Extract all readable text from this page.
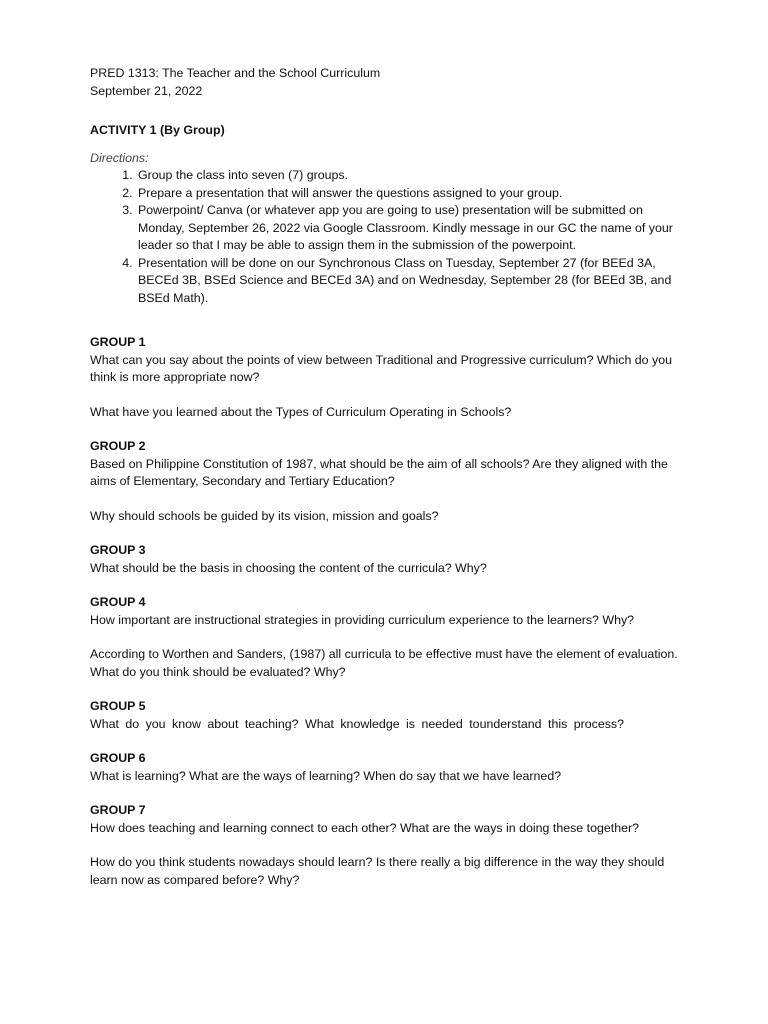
PRED 1313: The Teacher and the School Curriculum

September 21, 2022

ACTIVITY 1 (By Group)

Directions:

1. Group the class into seven (7) groups.
2. Prepare a presentation that will answer the questions assigned to your group.
3. Powerpoint/ Canva (or whatever app you are going to use) presentation will be submitted on Monday, September 26, 2022 via Google Classroom. Kindly message in our GC the name of your leader so that I may be able to assign them in the submission of the powerpoint.
4. Presentation will be done on our Synchronous Class on Tuesday, September 27 (for BEEd 3A, BECEd 3B, BSEd Science and BECEd 3A) and on Wednesday, September 28 (for BEEd 3B, and BSEd Math).

GROUP 1

What can you say about the points of view between Traditional and Progressive curriculum? Which do you think is more appropriate now?

What have you learned about the Types of Curriculum Operating in Schools?

GROUP 2

Based on Philippine Constitution of 1987, what should be the aim of all schools? Are they aligned with the aims of Elementary, Secondary and Tertiary Education?

Why should schools be guided by its vision, mission and goals?

GROUP 3

What should be the basis in choosing the content of the curricula? Why?

GROUP 4

How important are instructional strategies in providing curriculum experience to the learners? Why?

According to Worthen and Sanders, (1987) all curricula to be effective must have the element of evaluation. What do you think should be evaluated? Why?

GROUP 5

What do you know about teaching? What knowledge is needed tounderstand this process?

GROUP 6

What is learning? What are the ways of learning? When do say that we have learned?

GROUP 7

How does teaching and learning connect to each other? What are the ways in doing these together?

How do you think students nowadays should learn? Is there really a big difference in the way they should learn now as compared before? Why?
